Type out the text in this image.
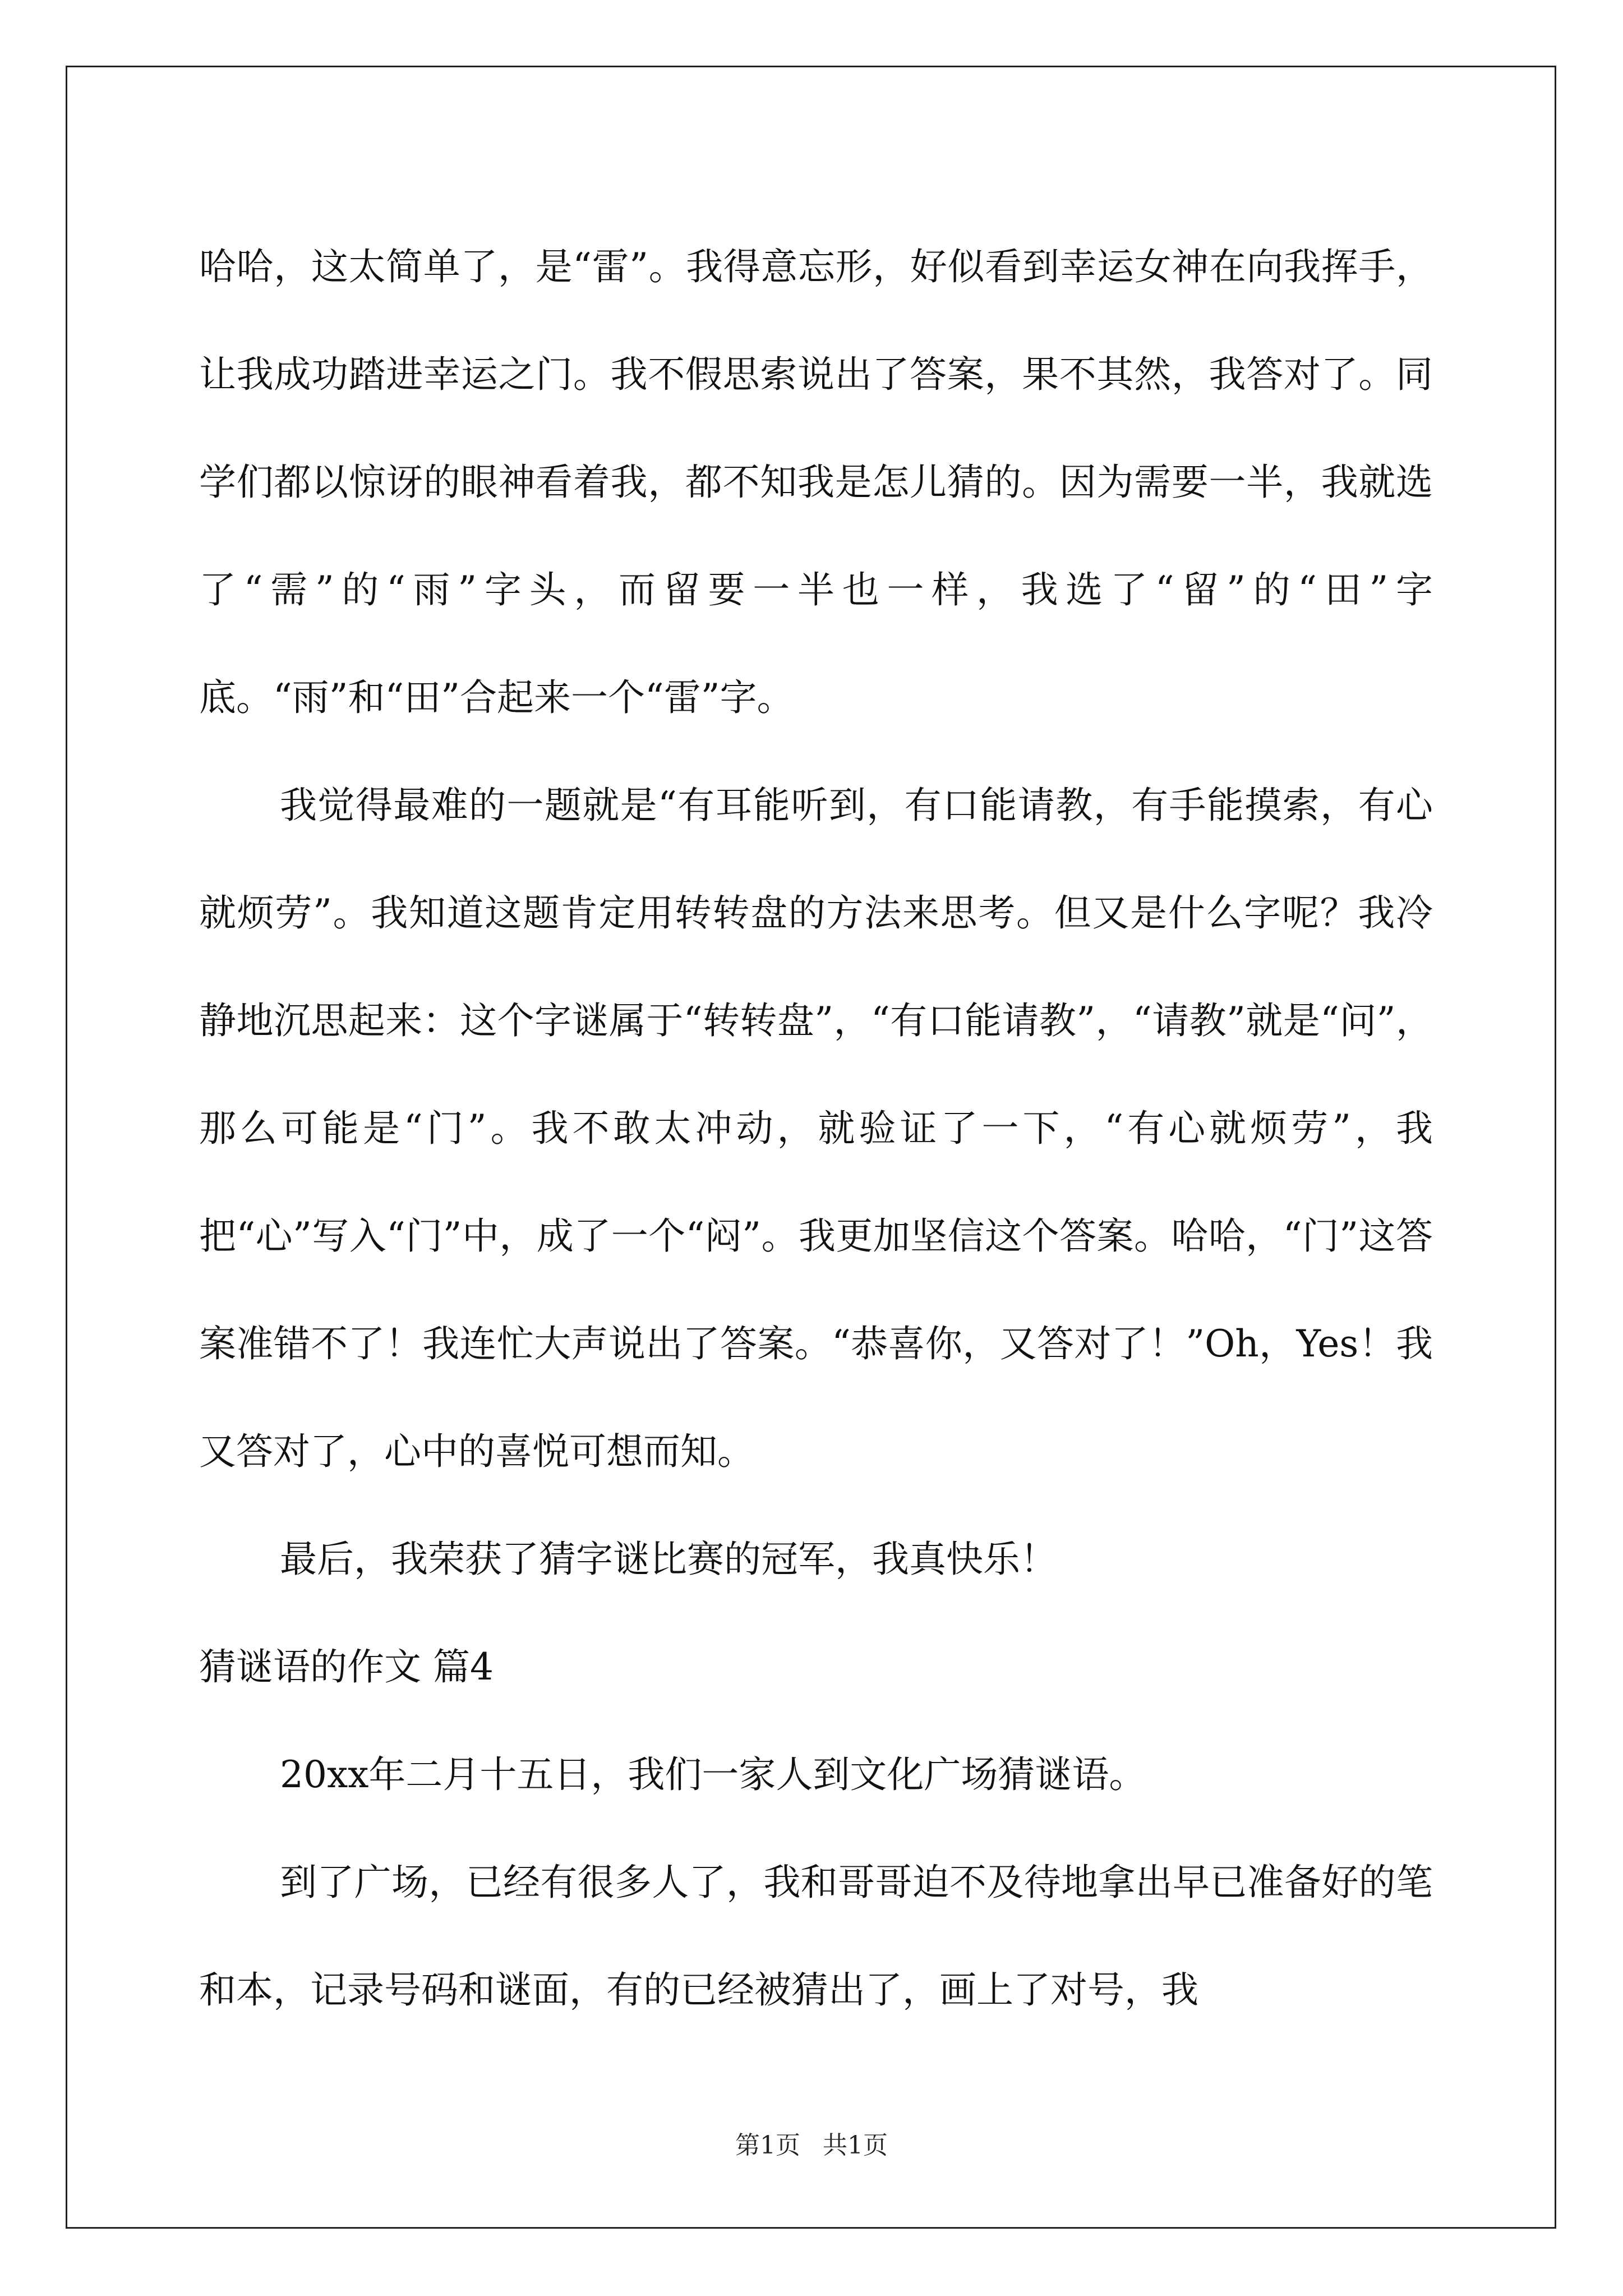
哈哈，这太简单了，是“雷”。我得意忘形，好似看到幸运女神在向我挥手，让我成功踏进幸运之门。我不假思索说出了答案，果不其然，我答对了。同学们都以惊讶的眼神看着我，都不知我是怎儿猜的。因为需要一半，我就选了“需”的“雨”字头，而留要一半也一样，我选了“留”的“田”字底。“雨”和“田”合起来一个“雷”字。

我觉得最难的一题就是“有耳能听到，有口能请教，有手能摸索，有心就烦劳”。我知道这题肯定用转转盘的方法来思考。但又是什么字呢？我冷静地沉思起来：这个字谜属于“转转盘”，“有口能请教”，“请教”就是“问”，那么可能是“门”。我不敢太冲动，就验证了一下，“有心就烦劳”，我把“心”写入“门”中，成了一个“闷”。我更加坚信这个答案。哈哈，“门”这答案准错不了！我连忙大声说出了答案。“恭喜你，又答对了！”Oh，Yes！我又答对了，心中的喜悦可想而知。

最后，我荣获了猜字谜比赛的冠军，我真快乐！

猜谜语的作文 篇4

20xx年二月十五日，我们一家人到文化广场猜谜语。

到了广场，已经有很多人了，我和哥哥迫不及待地拿出早已准备好的笔和本，记录号码和谜面，有的已经被猜出了，画上了对号，我

第1页 共1页
